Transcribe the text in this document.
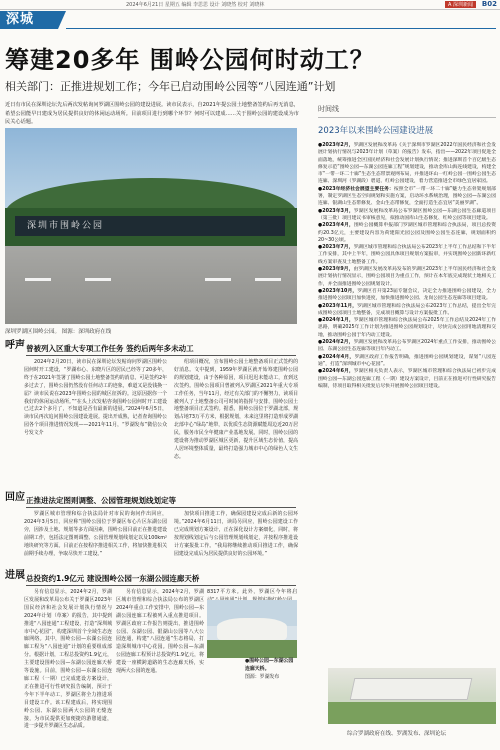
2024年6月21日 星期五 编辑 李思思 设计 刘晓然 校对 刘晓林	A 深圳新闻	B02
深城
筹建20多年 围岭公园何时动工？
相关部门：正推进规划工作；今年已启动围岭公园等“八园连通”计划
近日有市民在深圳论坛先后两次发帖询问罗湖区围岭公园的建设进展。读市民表示，自2021年提公园土地整备签约后再无消息，希望公园能早日建成为居民提供良好的休闲运动场所。目前项目进行到哪个环节？何时可以建成……关于围岭公园的建设成为市民关心话题。
深圳市围岭公园
深圳罗湖区围岭公园。 图源：深圳政府在线
时间线
2023年以来围岭公园建设进展

●2023年2月，罗湖区发展和改革局《关于深圳市罗湖区2022年国民经济和社会发展计划执行情况与2023年计划（草案）的报告》发布，指出——2022年项目促进全面落地，统筹推进全区国民经济和社会发展计划执行情况；推进深圳首个百亿级生态修复示范“围岭公园—东湖公园连廊工程”规划建设，推动金库山海连线建设，构建全市“一带一环二十廊”生态生态带景观网布局，并推进环山一红岭公园一围岭公园生态连廊、深圳河（罗湖段）碧道、红岭公园建设，着力营造推进全市绿色宜居家园。

●2023年经济社会展望主要任务：按照全市“一带一环二十廊”魅力生态骨架规划部署，制定罗湖区生态空间规划和实施方案，启动环水系统治理，围岭公园—东湖公园连廊、银湖山生态带修复、金山生态带修复，全面打造生态宜居“美丽罗湖”。

●2023年3月，罗湖区发展和改革局公布罗湖区围岭公园—东湖公园生态廊道项目（第三批）项目建议书审核意见，拟推动国库山生态修复、红岭公园等项目建设。

●2023年4月，围岭公园概算申报部门罗湖区城市管理和综合执法局，项目总投资约20.3亿元，主要建设内容为荷建阳光园公园及围岭公园生态连廊，规划面积约20~30公顷。

●2023年7月，罗湖区城市管理和综合执法局公布2023年上半年工作总结和下半年工作安排，其中上半年，围岭公园具体项目规划方案报审，并实现围岭公园新环新红线方案审查及土地整备工作。

●2023年9月，由罗湖区发展改革局发布的罗湖区2023年上半年国民经济和社会发展计划执行情况显示，围岭公园项目为重点工作，预计在本年底完成现状土地相关工作，并全面推进围岭公园规划设计。

●2023年10月，罗湖区召开第23届专题会议，决定全力推进围岭公园建设，全力推进围岭公园项目加快进度，加快推进围岭公园、龙岗公园生态连廊等项目建设。

●2023年11月，罗湖区城市管理和综合执法局公布2023年工作总结，提出全年完成围岭公园项目土地整备，完成项目概算与设计方案报批工作。

●2024年1月，罗湖区城市管理和综合执法局公布2025年工作总结及2024年工作思路，明确2025年工作计划为推进围岭公园规划设计，尽快完成公园用地清理和交地，推动围岭公园于年内动工建设。

●2024年2月，罗湖区发展和改革局公布罗湖区2024年重点工作安排，推动围岭公园、东湖公园生态连廊等项目年内动工。

●2024年4月，罗湖区政府工作报告明确，推进围岭公园规划建设，谋划“八园连通”，打造“深圳城市中心花园”。

●2024年6月，罗湖区相关负责人表示，罗湖区城市管理和综合执法局已初步完成围岭公园—东湖公园连廊工程（一期）建设方案设计，目前正在推进可行性研究报告编制，待项目取得相关批复后尽快开展围岭公园项目建设。

综合罗湖政府在线、罗湖发布、深圳论坛
呼声 曾被列入区重大专项工作任务 签约后两年多未动工
2024年2月20日，读市民在深圳论坛发帖询问罗湖区围岭公园何时开工建设，“罗湖布心、东晓片区的居民已经等了20多年，终于在2021年签署了围岭公园土地整备签约的消息，可是签约2年多过去了，围岭公园仍然没有任何动工的迹象，难道又是没钱换一届？读市民说在2023年围岭公园的城区征拆的。这原因据你一个我好的休闲运动场所。”“在头上次发帖咨询围岭公园何时开工建设已过去2个多月了，不知道是否有最新的进展。”2024年6月5日，读市民再次追问围岭公园建设进展。提出开成熟，记者查询围岭公园各个项目推进情况发现——2021年11月，“罗湖发布”微信公众号发文介
绍项目概况，宣布围岭公园土地整备项目正式签约的好消息。文中提到，1959年罗湖区就开始筹建围岭公园的规划建设，由于各种原因，项目迟迟未能动工，直到这次签约。围岭公园项目曾被列入罗湖区2021年重大专项工作任务，当年11月，经过有关部门的不懈努力，读项目被列人了土地整备公司可时间的指挥与安排，围岭公园土地整备项目正式签约。据悉，围岭公园位于罗湖北部，规划占地73万平方米，根据规划，未来这里将打造形成罗湖北部中心“绿岛”地带，以优质生态资源赋能周边近20万居民，服务市民全年健康产业基地发展。同时，围岭公园的建设将为推动罗湖区城区更新，提升区域生态价值，提高人居环境整体质量，最终打造强力城市中心的绿色人文生态。
回应 正推进法定图则调整、公园管理规划线划定等
罗湖区城市管理和综合执法局针对市民的询问作出回应，2024年3月5日，回应称“围岭公园位于罗湖区布心片区东湖公园旁，因涉及土地、规划等多方面因素，围岭公园目前正在推进建设前期工作，包括法定图则调整、公园管理规划线划定以及100km²地块研究等方面。目前正在按程序推进相关工作，将加快推进相关前期手续办理，争取尽快开工建设。”
加快项目推进工作，确保园建设完成后新的公园环境。”2024年6月11日，读局另回应，围岭公园建设工作已完成规划方案设计，正在深化设计方案细化，同时，将按规划线划定后与公园管理规划线划定，并按程序推进设计方案报批工作。“我局将继续推动项目推进工作，确保园建设完成后为居民提供良好的公园环境。”
进展 总投资约1.9亿元 建设围岭公园一东湖公园连廊天桥
另有信息显示，2024年2月，罗湖区发展和改革局公布关于罗湖区2023年国民经济和社会发展计划执行情况与2024年计划（草案）的报告，其中提到推进“八园连通”工程建设，打造“深圳城市中心花园”，构建深圳首个全域生态连廊网络。其中，围岭公园—东湖公园连廊工程为“八园连通”计划的重要组成部分。根据计划，工程总投资约1.9亿元，主要建设围岭公园—东湖公园连廊天桥等设施。目前，围岭公园—东湖公园连廊工程（一期）已完成建设方案设计，正在推进可行性研究报告编制，预计于今年下半年动工，罗湖区将全力推进项目建设工作。该工程建成后，将实现围岭公园、东湖公园两大公园的无缝连接，为市民提供更加便捷的游憩通道，进一步提升罗湖区生态品质。
另有信息显示，2024年2月，罗湖区城市管理和综合执法局公布的罗湖区2024年重点工作安排中，围岭公园—东湖公园连廊工程被列入重点推进项目。罗湖区政府工作报告则提出，推进围岭公园、东湖公园、银湖山公园等八大公园连通，构建“八园连通”生态格局，打造深圳城市中心花园。围岭公园—东湖公园连廊工程预计总投资约1.9亿元，将建设一座横跨道路的生态连廊天桥，实现两大公园的连通。
8317平方米。此外，罗湖区今年将启
●围岭公园—东湖公园连廊天桥。
图源：罗湖发布
